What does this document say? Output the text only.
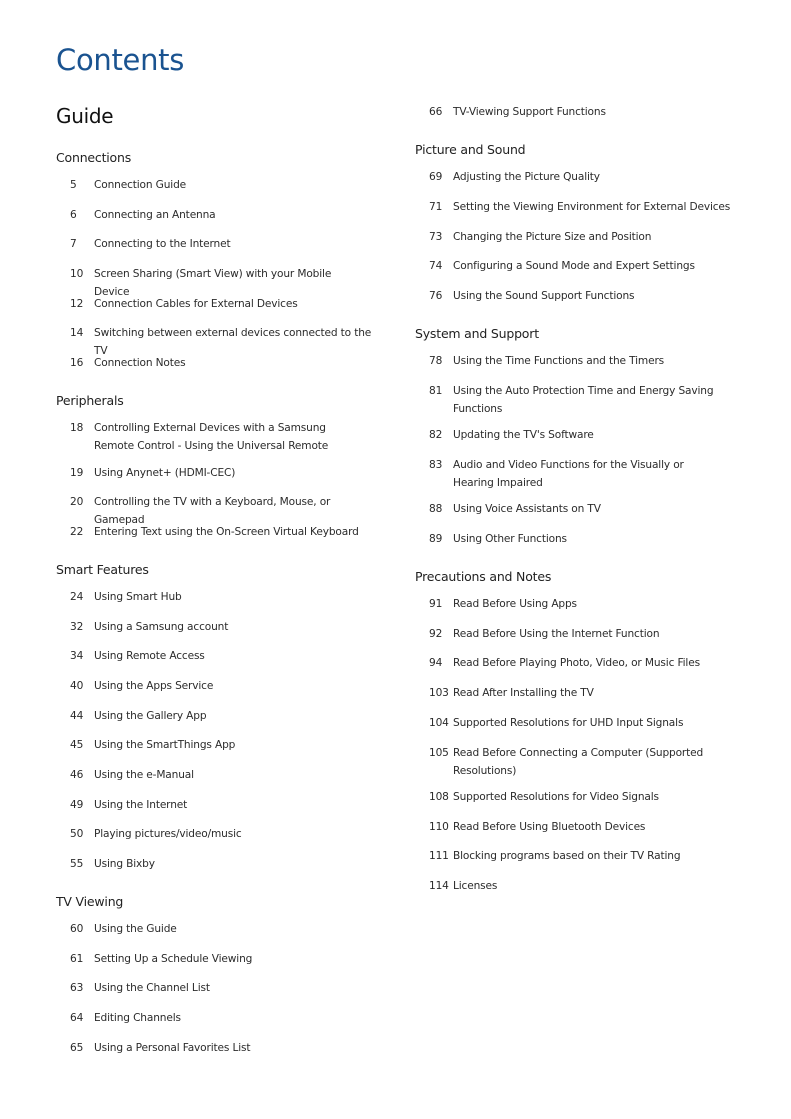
Contents
Guide
Connections
5	Connection Guide
6	Connecting an Antenna
7	Connecting to the Internet
10	Screen Sharing (Smart View) with your Mobile Device
12	Connection Cables for External Devices
14	Switching between external devices connected to the TV
16	Connection Notes
Peripherals
18	Controlling External Devices with a Samsung Remote Control - Using the Universal Remote
19	Using Anynet+ (HDMI-CEC)
20	Controlling the TV with a Keyboard, Mouse, or Gamepad
22	Entering Text using the On-Screen Virtual Keyboard
Smart Features
24	Using Smart Hub
32	Using a Samsung account
34	Using Remote Access
40	Using the Apps Service
44	Using the Gallery App
45	Using the SmartThings App
46	Using the e-Manual
49	Using the Internet
50	Playing pictures/video/music
55	Using Bixby
TV Viewing
60	Using the Guide
61	Setting Up a Schedule Viewing
63	Using the Channel List
64	Editing Channels
65	Using a Personal Favorites List
66	TV-Viewing Support Functions
Picture and Sound
69	Adjusting the Picture Quality
71	Setting the Viewing Environment for External Devices
73	Changing the Picture Size and Position
74	Configuring a Sound Mode and Expert Settings
76	Using the Sound Support Functions
System and Support
78	Using the Time Functions and the Timers
81	Using the Auto Protection Time and Energy Saving Functions
82	Updating the TV's Software
83	Audio and Video Functions for the Visually or Hearing Impaired
88	Using Voice Assistants on TV
89	Using Other Functions
Precautions and Notes
91	Read Before Using Apps
92	Read Before Using the Internet Function
94	Read Before Playing Photo, Video, or Music Files
103 Read After Installing the TV
104 Supported Resolutions for UHD Input Signals
105 Read Before Connecting a Computer (Supported Resolutions)
108 Supported Resolutions for Video Signals
110 Read Before Using Bluetooth Devices
111 Blocking programs based on their TV Rating
114 Licenses
